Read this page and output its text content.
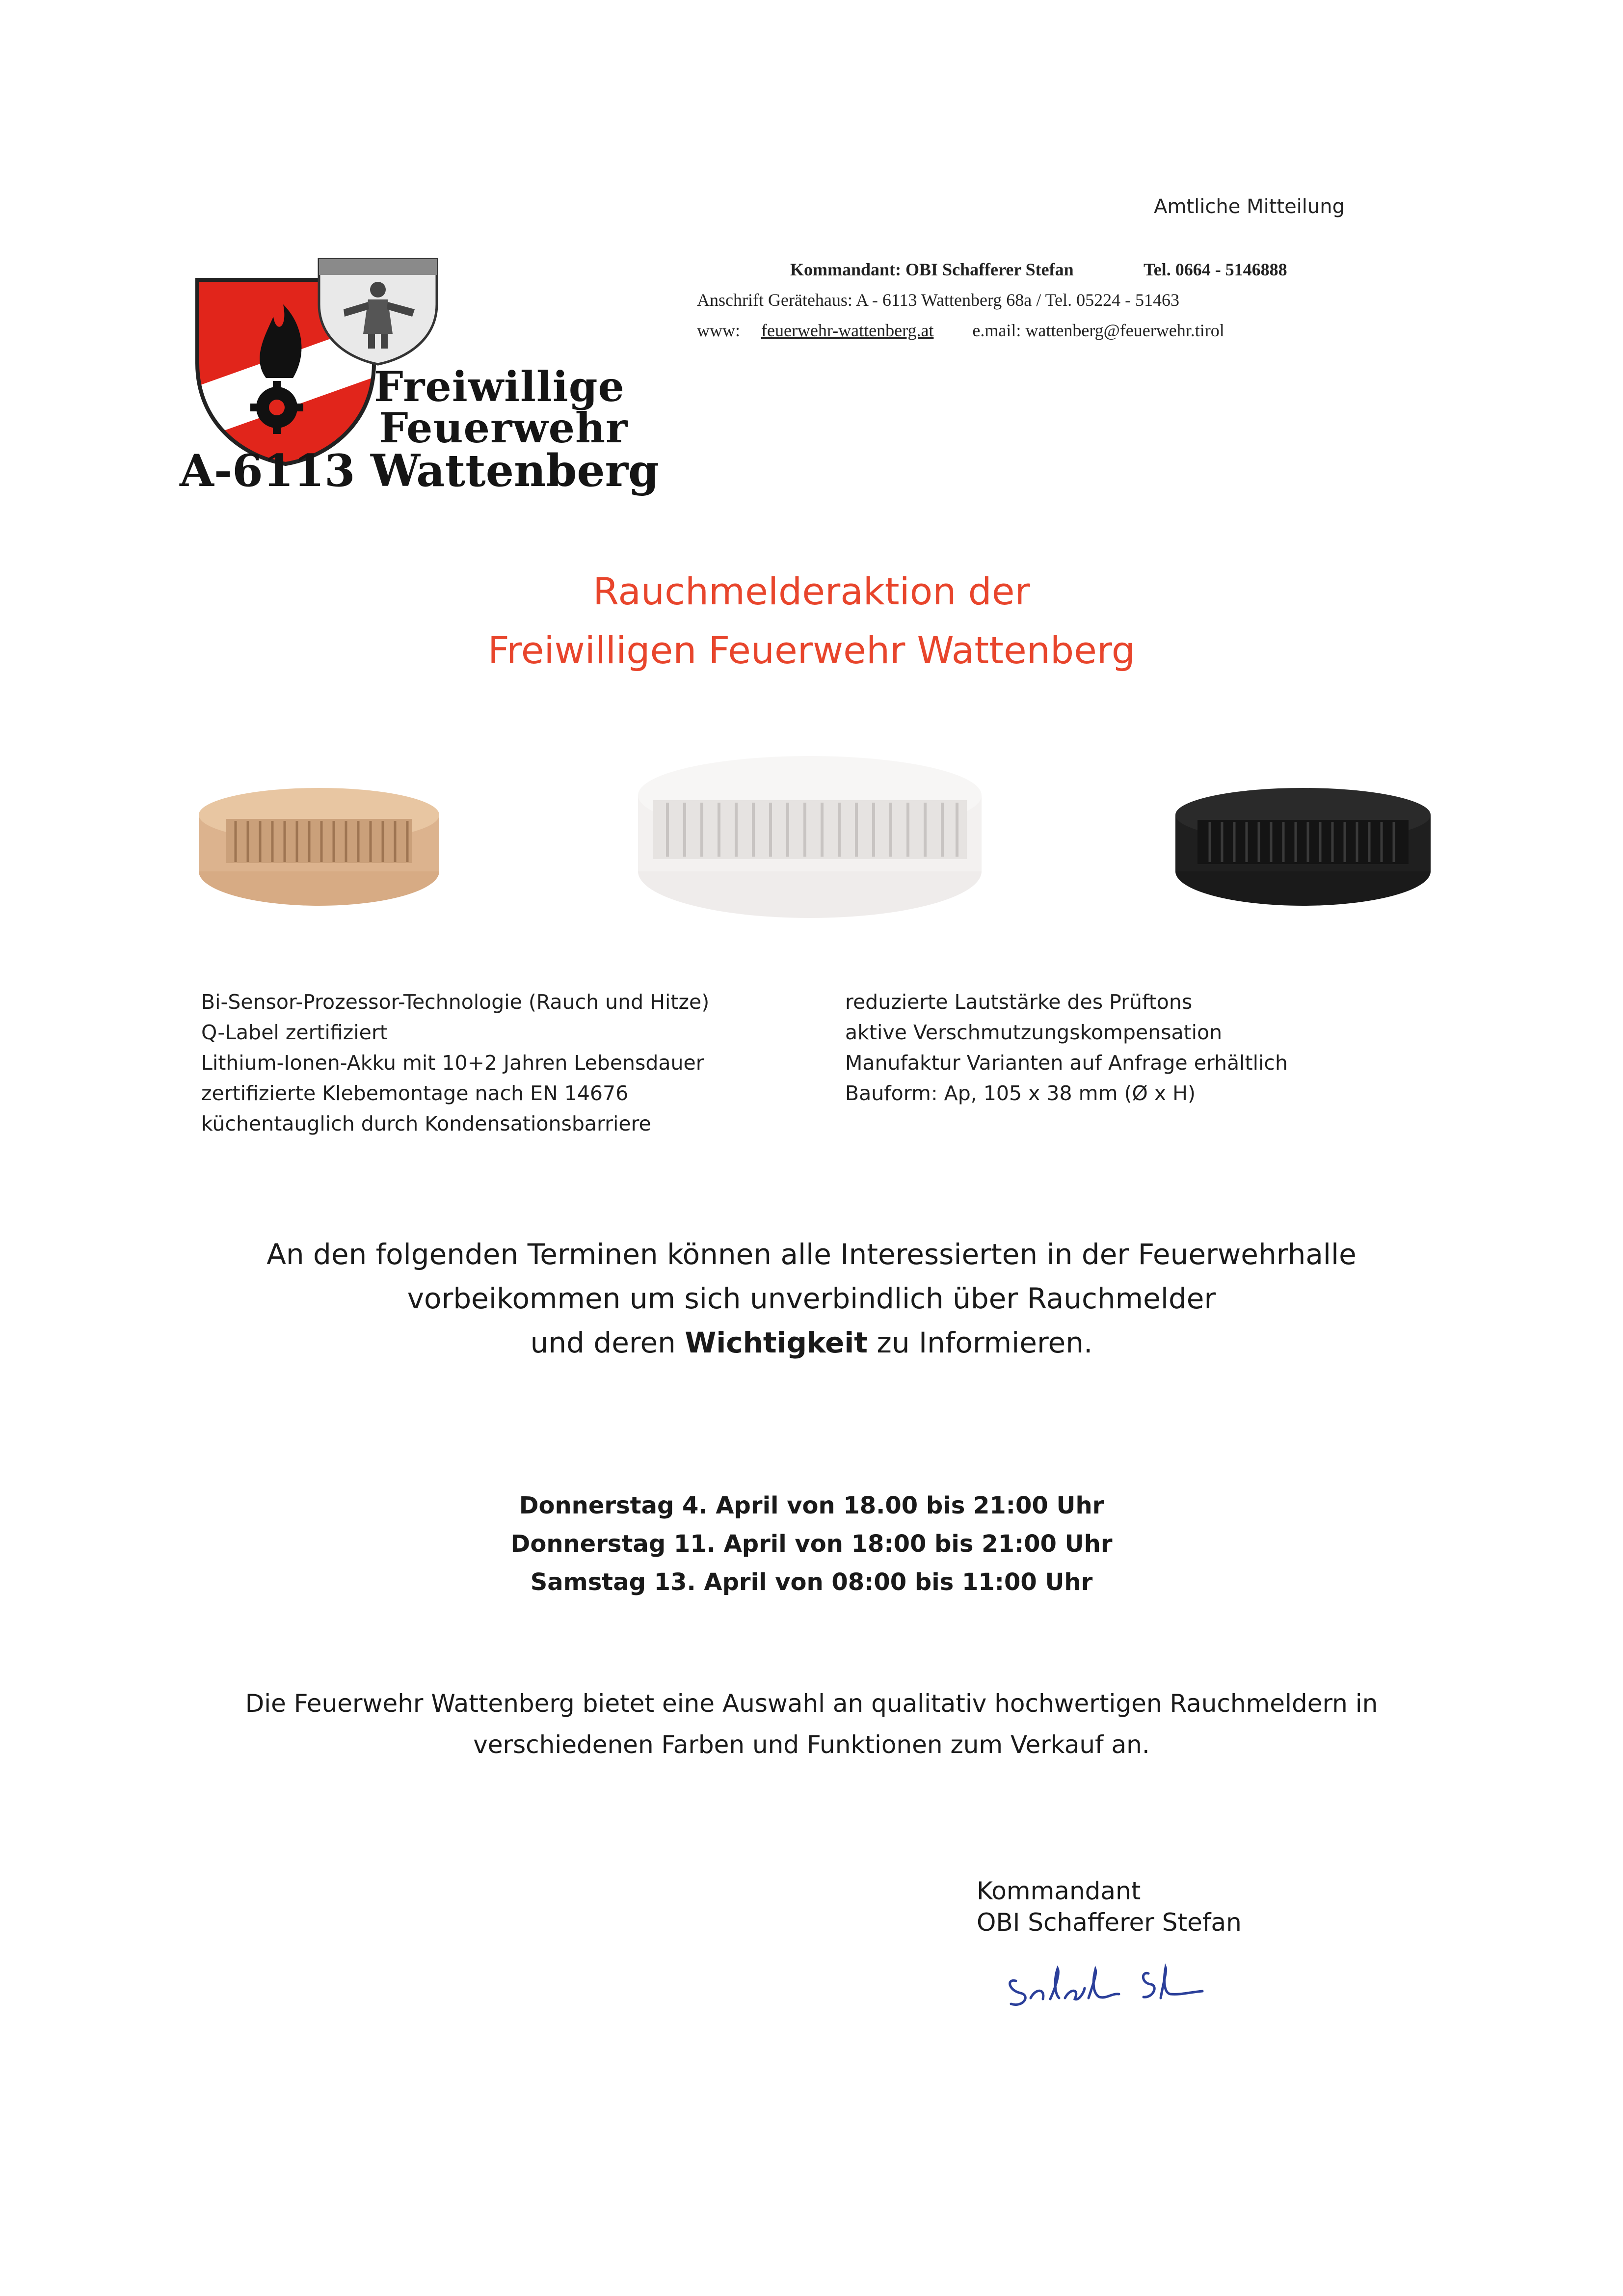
Amtliche Mitteilung
Kommandant: OBI Schafferer Stefan	Tel. 0664 - 5146888
Anschrift Gerätehaus: A - 6113 Wattenberg 68a / Tel. 05224 - 51463
www: feuerwehr-wattenberg.at e.mail: wattenberg@feuerwehr.tirol
Freiwillige
Feuerwehr
A-6113 Wattenberg
Rauchmelderaktion der
Freiwilligen Feuerwehr Wattenberg
Bi-Sensor-Prozessor-Technologie (Rauch und Hitze)
Q-Label zertifiziert
Lithium-Ionen-Akku mit 10+2 Jahren Lebensdauer
zertifizierte Klebemontage nach EN 14676
küchentauglich durch Kondensationsbarriere
reduzierte Lautstärke des Prüftons
aktive Verschmutzungskompensation
Manufaktur Varianten auf Anfrage erhältlich
Bauform: Ap, 105 x 38 mm (Ø x H)
An den folgenden Terminen können alle Interessierten in der Feuerwehrhalle
vorbeikommen um sich unverbindlich über Rauchmelder
und deren Wichtigkeit zu Informieren.
Donnerstag 4. April von 18.00 bis 21:00 Uhr
Donnerstag 11. April von 18:00 bis 21:00 Uhr
Samstag 13. April von 08:00 bis 11:00 Uhr
Die Feuerwehr Wattenberg bietet eine Auswahl an qualitativ hochwertigen Rauchmeldern in
verschiedenen Farben und Funktionen zum Verkauf an.
Kommandant
OBI Schafferer Stefan
